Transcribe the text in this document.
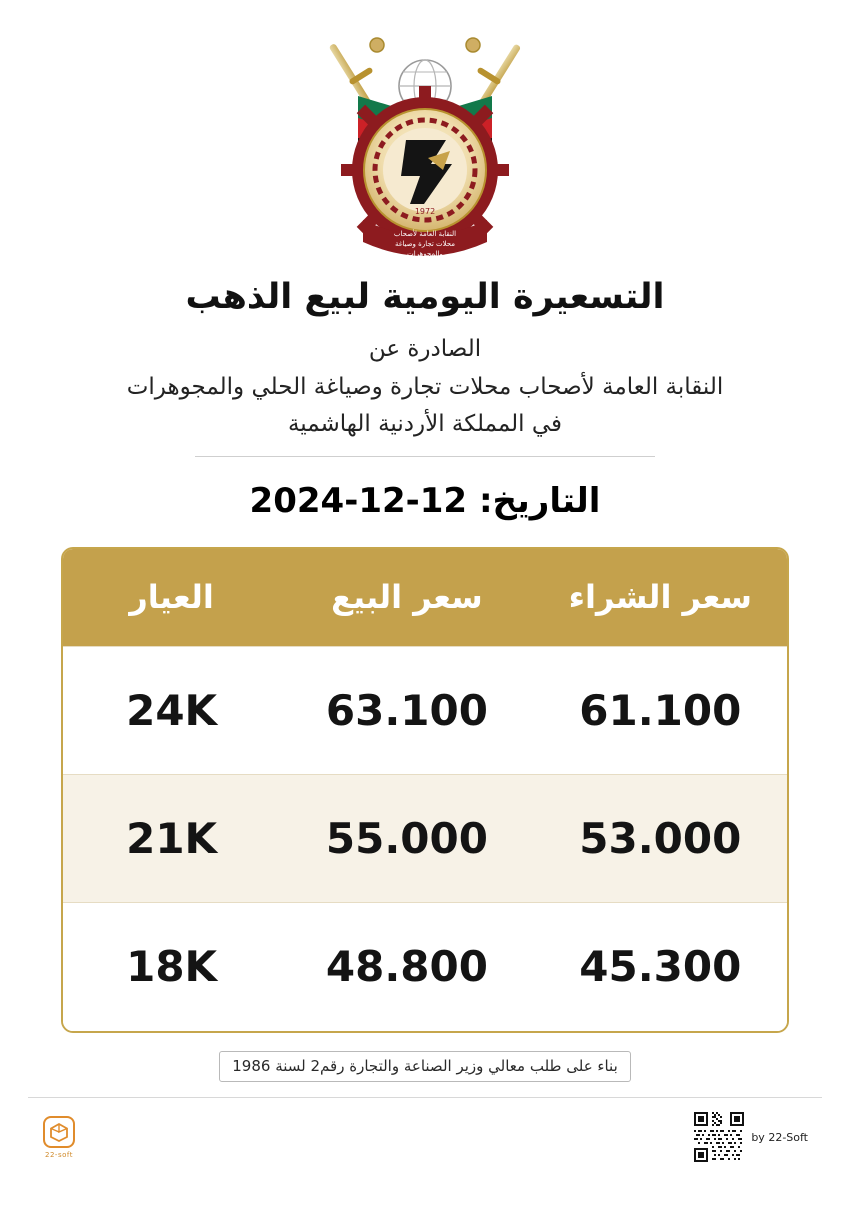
النقابة العامة لأصحاب
محلات تجارة وصياغة
والمجوهرات
1972
التسعيرة اليومية لبيع الذهب
الصادرة عن
النقابة العامة لأصحاب محلات تجارة وصياغة الحلي والمجوهرات
في المملكة الأردنية الهاشمية
التاريخ: 12-12-2024
سعر الشراء	سعر البيع	العيار
61.100	63.100	24K
53.000	55.000	21K
45.300	48.800	18K
بناء على طلب معالي وزير الصناعة والتجارة رقم2 لسنة 1986
22-soft
by 22-Soft
